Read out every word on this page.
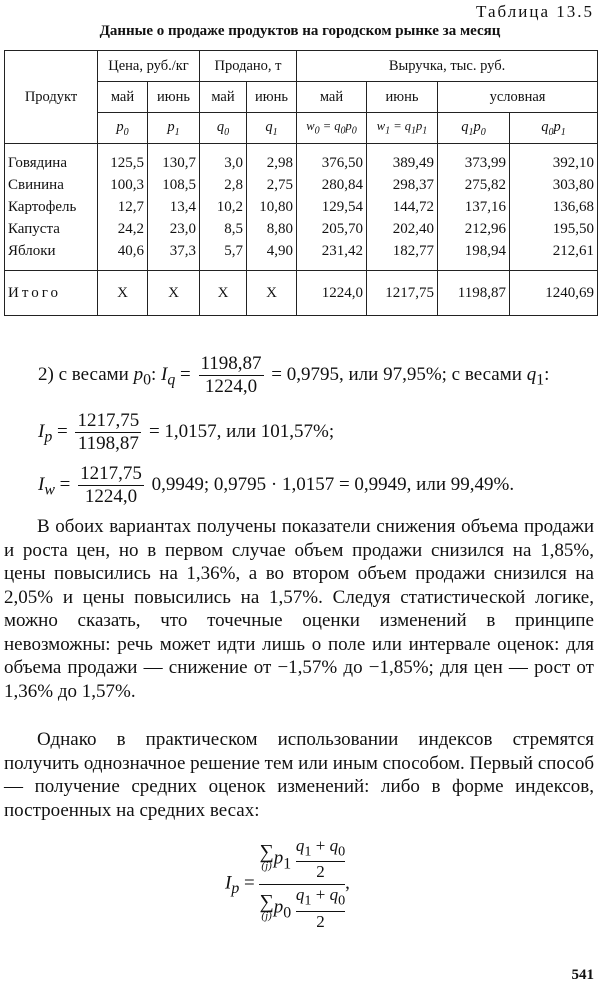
Таблица 13.5
Данные о продаже продуктов на городском рынке за месяц
Продукт	Цена, руб./кг		Продано, т		Выручка, тыс. руб.			
	май	июнь	май	июнь	май	июнь	условная	
	$p_0$	$p_1$	$q_0$	$q_1$	$w_0 = q_0p_0$	$w_1 = q_1p_1$	$q_1p_0$	$q_0p_1$
Говядина	125,5	130,7	3,0	2,98	376,50	389,49	373,99	392,10
Свинина	100,3	108,5	2,8	2,75	280,84	298,37	275,82	303,80
Картофель	12,7	13,4	10,2	10,80	129,54	144,72	137,16	136,68
Капуста	24,2	23,0	8,5	8,80	205,70	202,40	212,96	195,50
Яблоки	40,6	37,3	5,7	4,90	231,42	182,77	198,94	212,61
Итого	X	X	X	X	1224,0	1217,75	1198,87	1240,69
2) с весами $p_0$: $I_q = \frac{1198,87}{1224,0} = 0,9795$, или 97,95%; с весами $q_1$:
$I_p = \frac{1217,75}{1198,87} = 1,0157$, или 101,57%;
$I_w = \frac{1217,75}{1224,0} 0,9949$; 0,9795 · 1,0157 = 0,9949, или 99,49%.

В обоих вариантах получены показатели снижения объема продажи и роста цен, но в первом случае объем продажи снизился на 1,85%, цены повысились на 1,36%, а во втором объем продажи снизился на 2,05% и цены повысились на 1,57%. Следуя статистической логике, можно сказать, что точечные оценки изменений в принципе невозможны: речь может идти лишь о поле или интервале оценок: для объема продажи — снижение от −1,57% до −1,85%; для цен — рост от 1,36% до 1,57%.

Однако в практическом использовании индексов стремятся получить однозначное решение тем или иным способом. Первый способ — получение средних оценок изменений: либо в форме индексов, построенных на средних весах:

$I_p$ = ∑
(j) $p_1 \frac{q_1 + q_0}{2}$
∑
(j) $p_0 \frac{q_1 + q_0}{2}$ ,
541
